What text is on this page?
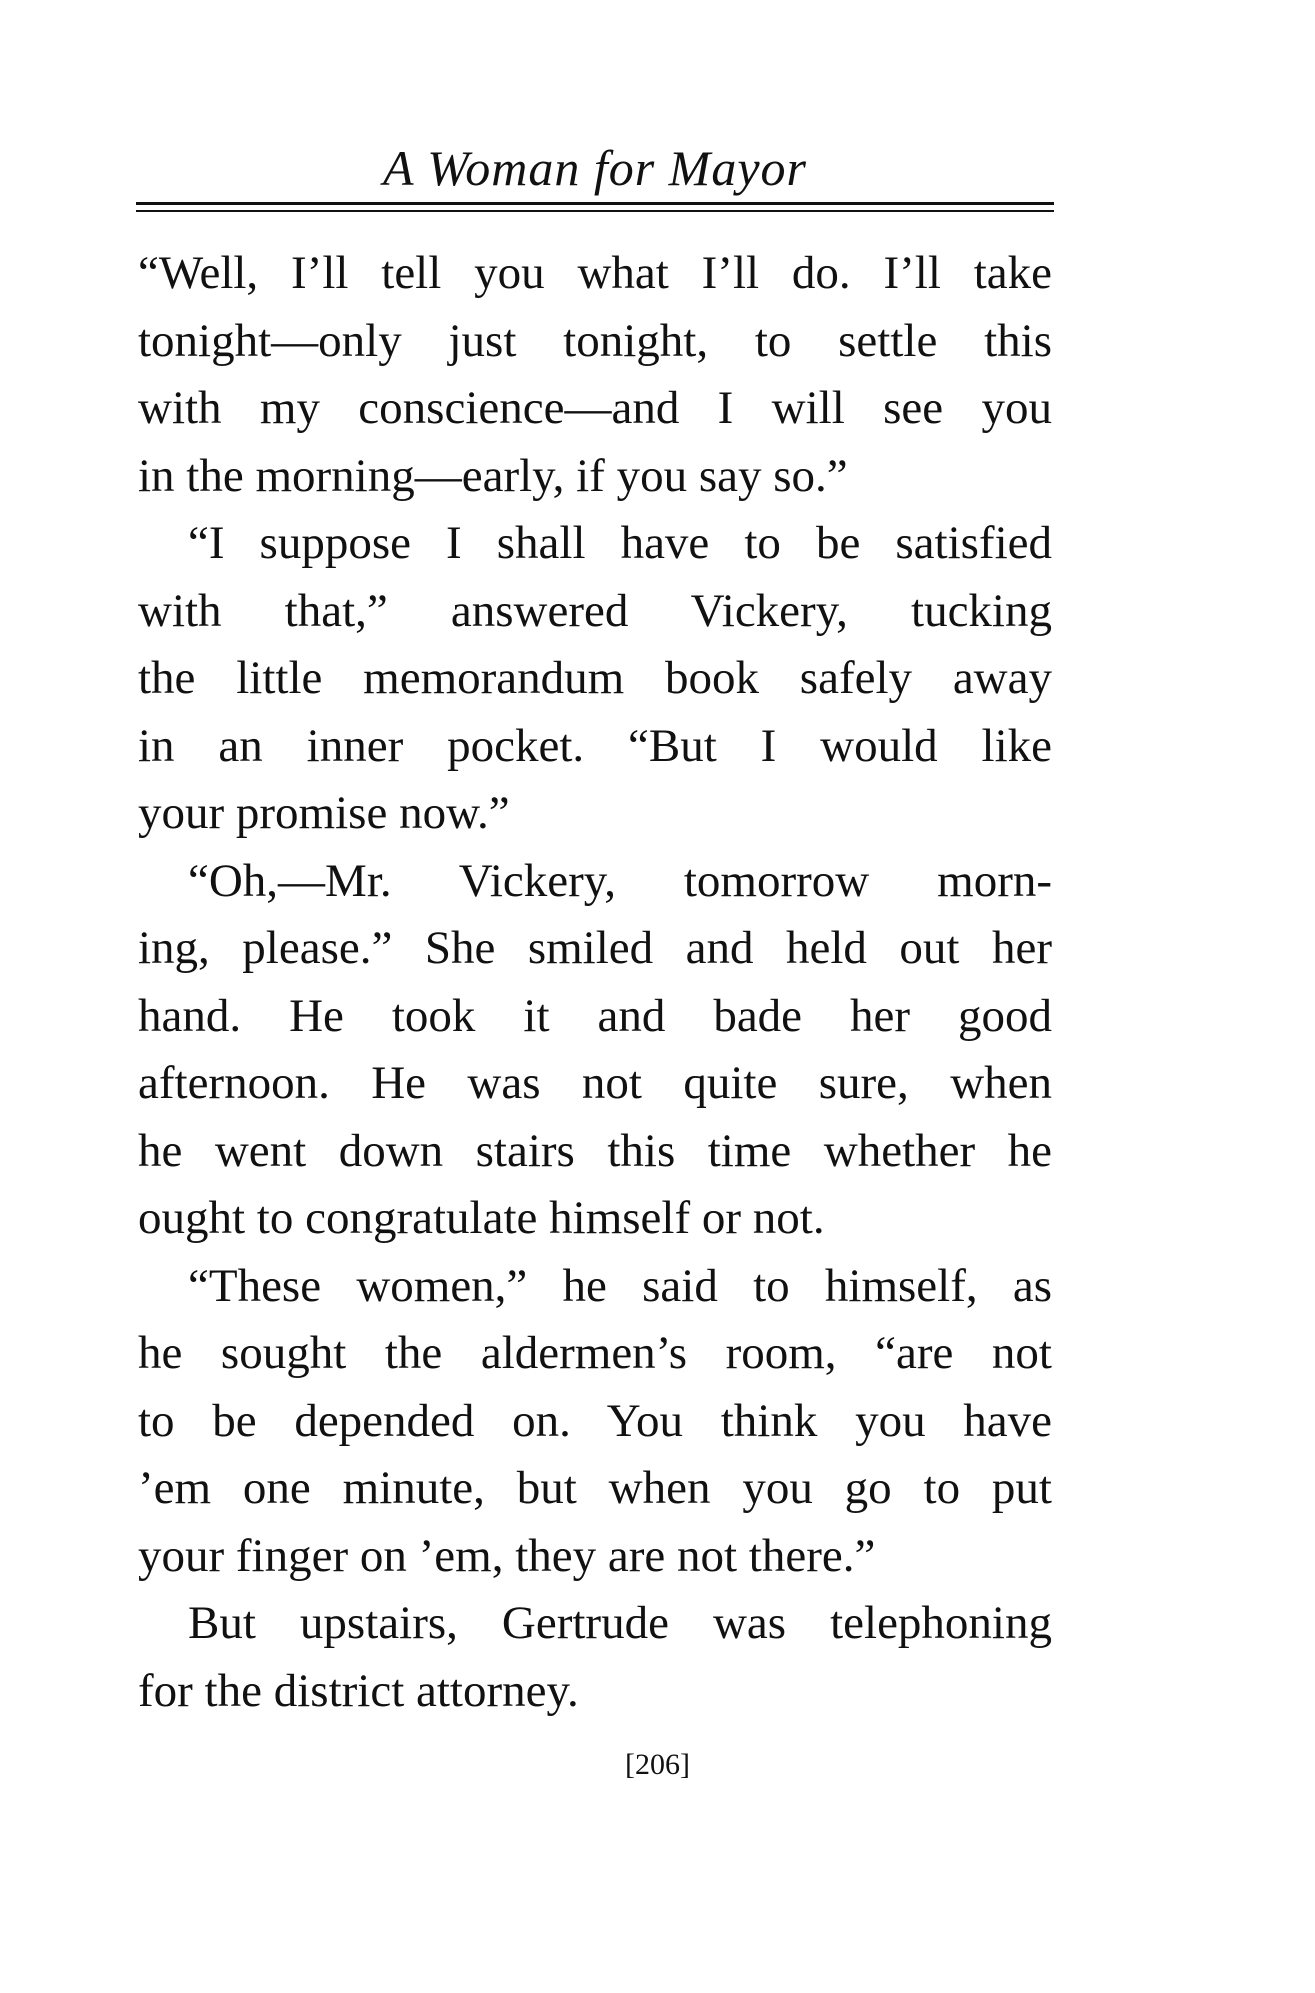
A Woman for Mayor
“Well, I’ll tell you what I’ll do. I’ll take
tonight—only just tonight, to settle this
with my conscience—and I will see you
in the morning—early, if you say so.”
“I suppose I shall have to be satisfied
with that,” answered Vickery, tucking
the little memorandum book safely away
in an inner pocket. “But I would like
your promise now.”
“Oh,—Mr. Vickery, tomorrow morn-
ing, please.” She smiled and held out her
hand. He took it and bade her good
afternoon. He was not quite sure, when
he went down stairs this time whether he
ought to congratulate himself or not.
“These women,” he said to himself, as
he sought the aldermen’s room, “are not
to be depended on. You think you have
’em one minute, but when you go to put
your finger on ’em, they are not there.”
But upstairs, Gertrude was telephoning
for the district attorney.
[206]
